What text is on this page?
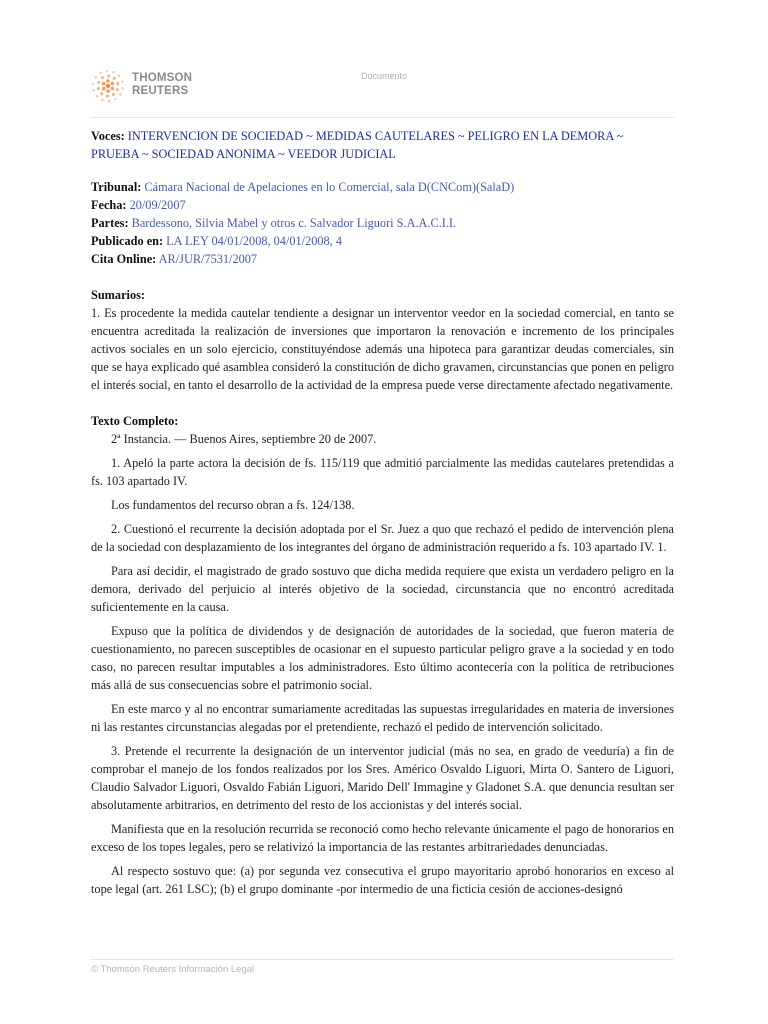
THOMSON
REUTERS
Documento
Voces: INTERVENCION DE SOCIEDAD ~ MEDIDAS CAUTELARES ~ PELIGRO EN LA DEMORA ~ PRUEBA ~ SOCIEDAD ANONIMA ~ VEEDOR JUDICIAL
Tribunal: Cámara Nacional de Apelaciones en lo Comercial, sala D(CNCom)(SalaD)
Fecha: 20/09/2007
Partes: Bardessono, Silvia Mabel y otros c. Salvador Liguori S.A.A.C.I.I.
Publicado en: LA LEY 04/01/2008, 04/01/2008, 4
Cita Online: AR/JUR/7531/2007
Sumarios:

1. Es procedente la medida cautelar tendiente a designar un interventor veedor en la sociedad comercial, en tanto se encuentra acreditada la realización de inversiones que importaron la renovación e incremento de los principales activos sociales en un solo ejercicio, constituyéndose además una hipoteca para garantizar deudas comerciales, sin que se haya explicado qué asamblea consideró la constitución de dicho gravamen, circunstancias que ponen en peligro el interés social, en tanto el desarrollo de la actividad de la empresa puede verse directamente afectado negativamente.

Texto Completo:

2ª Instancia. — Buenos Aires, septiembre 20 de 2007.

1. Apeló la parte actora la decisión de fs. 115/119 que admitió parcialmente las medidas cautelares pretendidas a fs. 103 apartado IV.

Los fundamentos del recurso obran a fs. 124/138.

2. Cuestionó el recurrente la decisión adoptada por el Sr. Juez a quo que rechazó el pedido de intervención plena de la sociedad con desplazamiento de los integrantes del órgano de administración requerido a fs. 103 apartado IV. 1.

Para así decidir, el magistrado de grado sostuvo que dicha medida requiere que exista un verdadero peligro en la demora, derivado del perjuicio al interés objetivo de la sociedad, circunstancia que no encontró acreditada suficientemente en la causa.

Expuso que la política de dividendos y de designación de autoridades de la sociedad, que fueron materia de cuestionamiento, no parecen susceptibles de ocasionar en el supuesto particular peligro grave a la sociedad y en todo caso, no parecen resultar imputables a los administradores. Esto último acontecería con la política de retribuciones más allá de sus consecuencias sobre el patrimonio social.

En este marco y al no encontrar sumariamente acreditadas las supuestas irregularidades en materia de inversiones ni las restantes circunstancias alegadas por el pretendiente, rechazó el pedido de intervención solicitado.

3. Pretende el recurrente la designación de un interventor judicial (más no sea, en grado de veeduría) a fin de comprobar el manejo de los fondos realizados por los Sres. Américo Osvaldo Liguori, Mirta O. Santero de Liguori, Claudio Salvador Liguori, Osvaldo Fabián Liguori, Marido Dell' Immagine y Gladonet S.A. que denuncia resultan ser absolutamente arbitrarios, en detrimento del resto de los accionistas y del interés social.

Manifiesta que en la resolución recurrida se reconoció como hecho relevante únicamente el pago de honorarios en exceso de los topes legales, pero se relativizó la importancia de las restantes arbitrariedades denunciadas.

Al respecto sostuvo que: (a) por segunda vez consecutiva el grupo mayoritario aprobó honorarios en exceso al tope legal (art. 261 LSC); (b) el grupo dominante -por intermedio de una ficticia cesión de acciones-designó

© Thomson Reuters Información Legal
